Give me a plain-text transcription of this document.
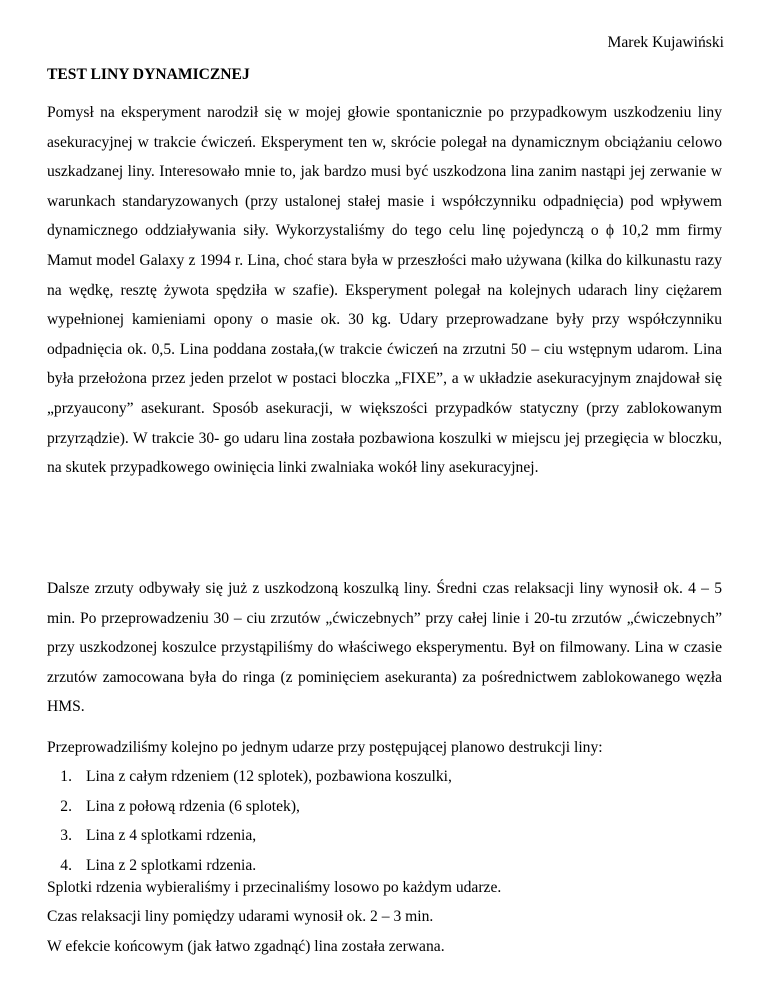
Marek Kujawiński
TEST LINY DYNAMICZNEJ

Pomysł na eksperyment narodził się w mojej głowie spontanicznie po przypadkowym uszkodzeniu liny asekuracyjnej w trakcie ćwiczeń. Eksperyment ten w, skrócie polegał na dynamicznym obciążaniu celowo uszkadzanej liny. Interesowało mnie to, jak bardzo musi być uszkodzona lina zanim nastąpi jej zerwanie w warunkach standaryzowanych (przy ustalonej stałej masie i współczynniku odpadnięcia) pod wpływem dynamicznego oddziaływania siły. Wykorzystaliśmy do tego celu linę pojedynczą o ϕ 10,2 mm firmy Mamut model Galaxy z 1994 r. Lina, choć stara była w przeszłości mało używana (kilka do kilkunastu razy na wędkę, resztę żywota spędziła w szafie). Eksperyment polegał na kolejnych udarach liny ciężarem wypełnionej kamieniami opony o masie ok. 30 kg. Udary przeprowadzane były przy współczynniku odpadnięcia ok. 0,5. Lina poddana została,(w trakcie ćwiczeń na zrzutni 50 – ciu wstępnym udarom. Lina była przełożona przez jeden przelot w postaci bloczka „FIXE”, a w układzie asekuracyjnym znajdował się „przyaucony” asekurant. Sposób asekuracji, w większości przypadków statyczny (przy zablokowanym przyrządzie). W trakcie 30- go udaru lina została pozbawiona koszulki w miejscu jej przegięcia w bloczku, na skutek przypadkowego owinięcia linki zwalniaka wokół liny asekuracyjnej.

Dalsze zrzuty odbywały się już z uszkodzoną koszulką liny. Średni czas relaksacji liny wynosił ok. 4 – 5 min. Po przeprowadzeniu 30 – ciu zrzutów „ćwiczebnych” przy całej linie i 20-tu zrzutów „ćwiczebnych” przy uszkodzonej koszulce przystąpiliśmy do właściwego eksperymentu. Był on filmowany. Lina w czasie zrzutów zamocowana była do ringa (z pominięciem asekuranta) za pośrednictwem zablokowanego węzła HMS.

Przeprowadziliśmy kolejno po jednym udarze przy postępującej planowo destrukcji liny:

1. Lina z całym rdzeniem (12 splotek), pozbawiona koszulki,
2. Lina z połową rdzenia (6 splotek),
3. Lina z 4 splotkami rdzenia,
4. Lina z 2 splotkami rdzenia.
Splotki rdzenia wybieraliśmy i przecinaliśmy losowo po każdym udarze.
Czas relaksacji liny pomiędzy udarami wynosił ok. 2 – 3 min.
W efekcie końcowym (jak łatwo zgadnąć) lina została zerwana.
